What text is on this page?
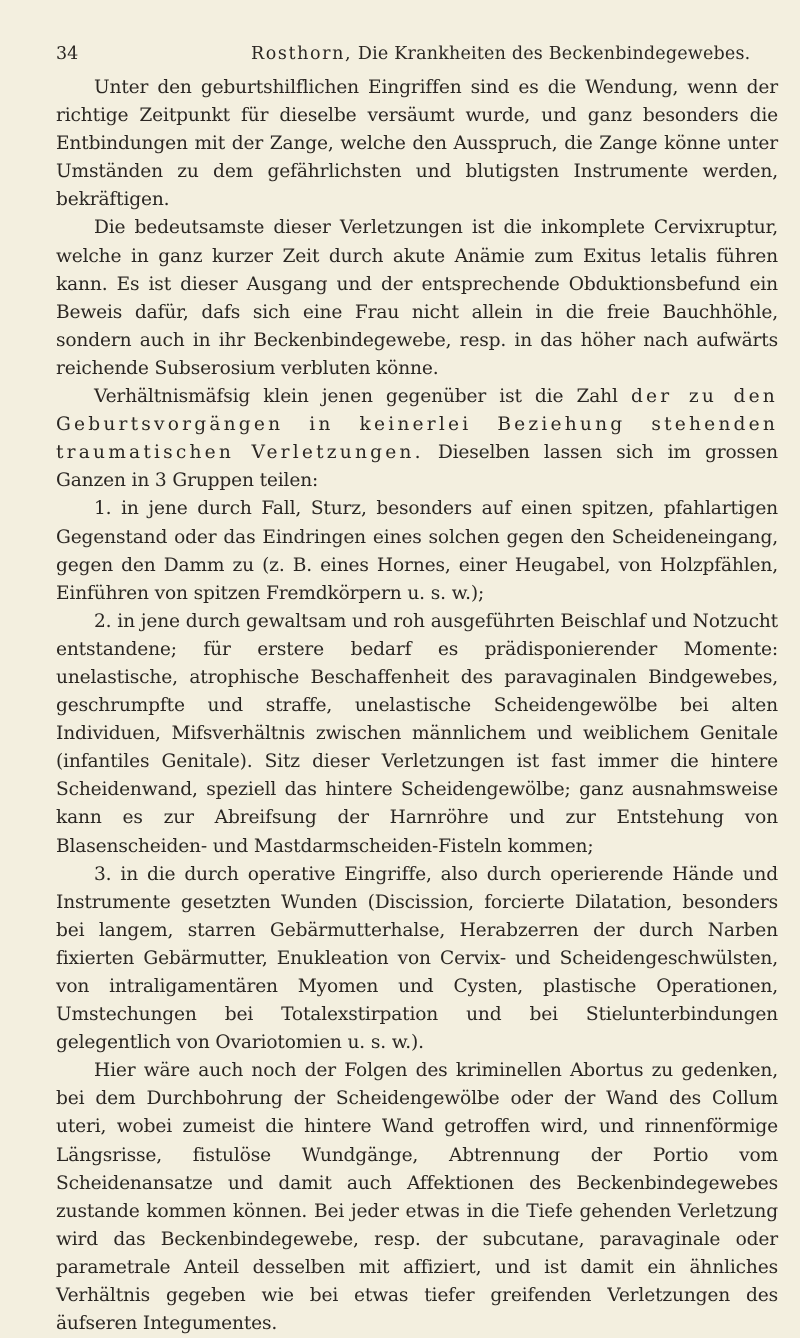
34	Rosthorn, Die Krankheiten des Beckenbindegewebes.

Unter den geburtshilflichen Eingriffen sind es die Wendung, wenn der richtige Zeitpunkt für dieselbe versäumt wurde, und ganz besonders die Entbindungen mit der Zange, welche den Ausspruch, die Zange könne unter Umständen zu dem gefährlichsten und blutigsten Instrumente werden, bekräftigen.

Die bedeutsamste dieser Verletzungen ist die inkomplete Cervixruptur, welche in ganz kurzer Zeit durch akute Anämie zum Exitus letalis führen kann. Es ist dieser Ausgang und der entsprechende Obduktionsbefund ein Beweis dafür, dafs sich eine Frau nicht allein in die freie Bauchhöhle, sondern auch in ihr Beckenbindegewebe, resp. in das höher nach aufwärts reichende Subserosium verbluten könne.

Verhältnismäfsig klein jenen gegenüber ist die Zahl der zu den Geburtsvorgängen in keinerlei Beziehung stehenden traumatischen Verletzungen. Dieselben lassen sich im grossen Ganzen in 3 Gruppen teilen:

1. in jene durch Fall, Sturz, besonders auf einen spitzen, pfahlartigen Gegenstand oder das Eindringen eines solchen gegen den Scheideneingang, gegen den Damm zu (z. B. eines Hornes, einer Heugabel, von Holzpfählen, Einführen von spitzen Fremdkörpern u. s. w.);

2. in jene durch gewaltsam und roh ausgeführten Beischlaf und Notzucht entstandene; für erstere bedarf es prädisponierender Momente: unelastische, atrophische Beschaffenheit des paravaginalen Bindgewebes, geschrumpfte und straffe, unelastische Scheidengewölbe bei alten Individuen, Mifsverhältnis zwischen männlichem und weiblichem Genitale (infantiles Genitale). Sitz dieser Verletzungen ist fast immer die hintere Scheidenwand, speziell das hintere Scheidengewölbe; ganz ausnahmsweise kann es zur Abreifsung der Harnröhre und zur Entstehung von Blasenscheiden- und Mastdarmscheiden-Fisteln kommen;

3. in die durch operative Eingriffe, also durch operierende Hände und Instrumente gesetzten Wunden (Discission, forcierte Dilatation, besonders bei langem, starren Gebärmutterhalse, Herabzerren der durch Narben fixierten Gebärmutter, Enukleation von Cervix- und Scheidengeschwülsten, von intraligamentären Myomen und Cysten, plastische Operationen, Umstechungen bei Totalexstirpation und bei Stielunterbindungen gelegentlich von Ovariotomien u. s. w.).

Hier wäre auch noch der Folgen des kriminellen Abortus zu gedenken, bei dem Durchbohrung der Scheidengewölbe oder der Wand des Collum uteri, wobei zumeist die hintere Wand getroffen wird, und rinnenförmige Längsrisse, fistulöse Wundgänge, Abtrennung der Portio vom Scheidenansatze und damit auch Affektionen des Beckenbindegewebes zustande kommen können. Bei jeder etwas in die Tiefe gehenden Verletzung wird das Beckenbindegewebe, resp. der subcutane, paravaginale oder parametrale Anteil desselben mit affiziert, und ist damit ein ähnliches Verhältnis gegeben wie bei etwas tiefer greifenden Verletzungen des äufseren Integumentes.
